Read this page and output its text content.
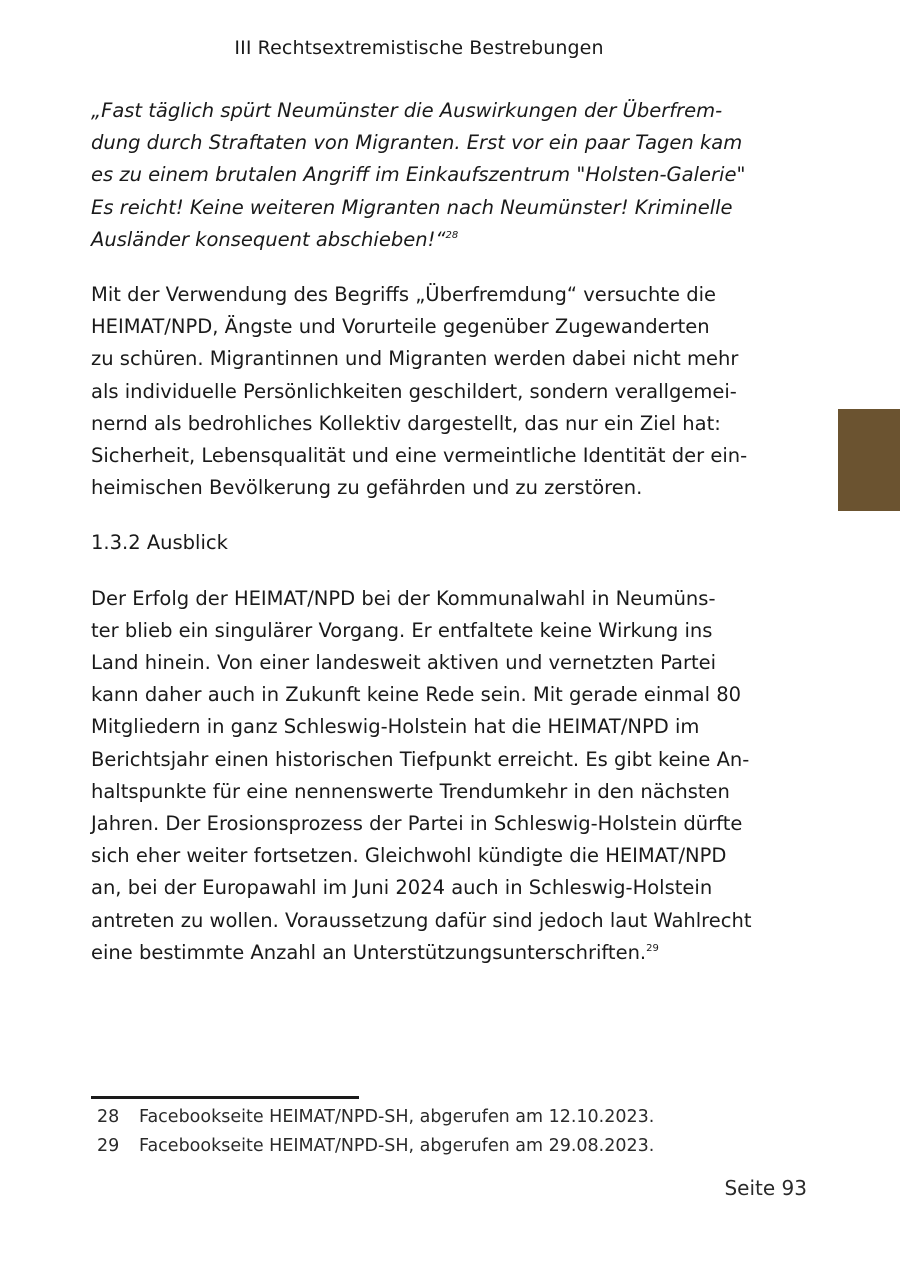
III Rechtsextremistische Bestrebungen

„Fast täglich spürt Neumünster die Auswirkungen der Überfrem-
dung durch Straftaten von Migranten. Erst vor ein paar Tagen kam
es zu einem brutalen Angriff im Einkaufszentrum "Holsten-Galerie"
Es reicht! Keine weiteren Migranten nach Neumünster! Kriminelle
Ausländer konsequent abschieben!“$^{28}$

Mit der Verwendung des Begriffs „Überfremdung“ versuchte die
HEIMAT/NPD, Ängste und Vorurteile gegenüber Zugewanderten
zu schüren. Migrantinnen und Migranten werden dabei nicht mehr
als individuelle Persönlichkeiten geschildert, sondern verallgemei-
nernd als bedrohliches Kollektiv dargestellt, das nur ein Ziel hat:
Sicherheit, Lebensqualität und eine vermeintliche Identität der ein-
heimischen Bevölkerung zu gefährden und zu zerstören.

1.3.2 Ausblick

Der Erfolg der HEIMAT/NPD bei der Kommunalwahl in Neumüns-
ter blieb ein singulärer Vorgang. Er entfaltete keine Wirkung ins
Land hinein. Von einer landesweit aktiven und vernetzten Partei
kann daher auch in Zukunft keine Rede sein. Mit gerade einmal 80
Mitgliedern in ganz Schleswig-Holstein hat die HEIMAT/NPD im
Berichtsjahr einen historischen Tiefpunkt erreicht. Es gibt keine An-
haltspunkte für eine nennenswerte Trendumkehr in den nächsten
Jahren. Der Erosionsprozess der Partei in Schleswig-Holstein dürfte
sich eher weiter fortsetzen. Gleichwohl kündigte die HEIMAT/NPD
an, bei der Europawahl im Juni 2024 auch in Schleswig-Holstein
antreten zu wollen. Voraussetzung dafür sind jedoch laut Wahlrecht
eine bestimmte Anzahl an Unterstützungsunterschriften.$^{29}$

28	Facebookseite HEIMAT/NPD-SH, abgerufen am 12.10.2023.
29	Facebookseite HEIMAT/NPD-SH, abgerufen am 29.08.2023.
Seite 93
